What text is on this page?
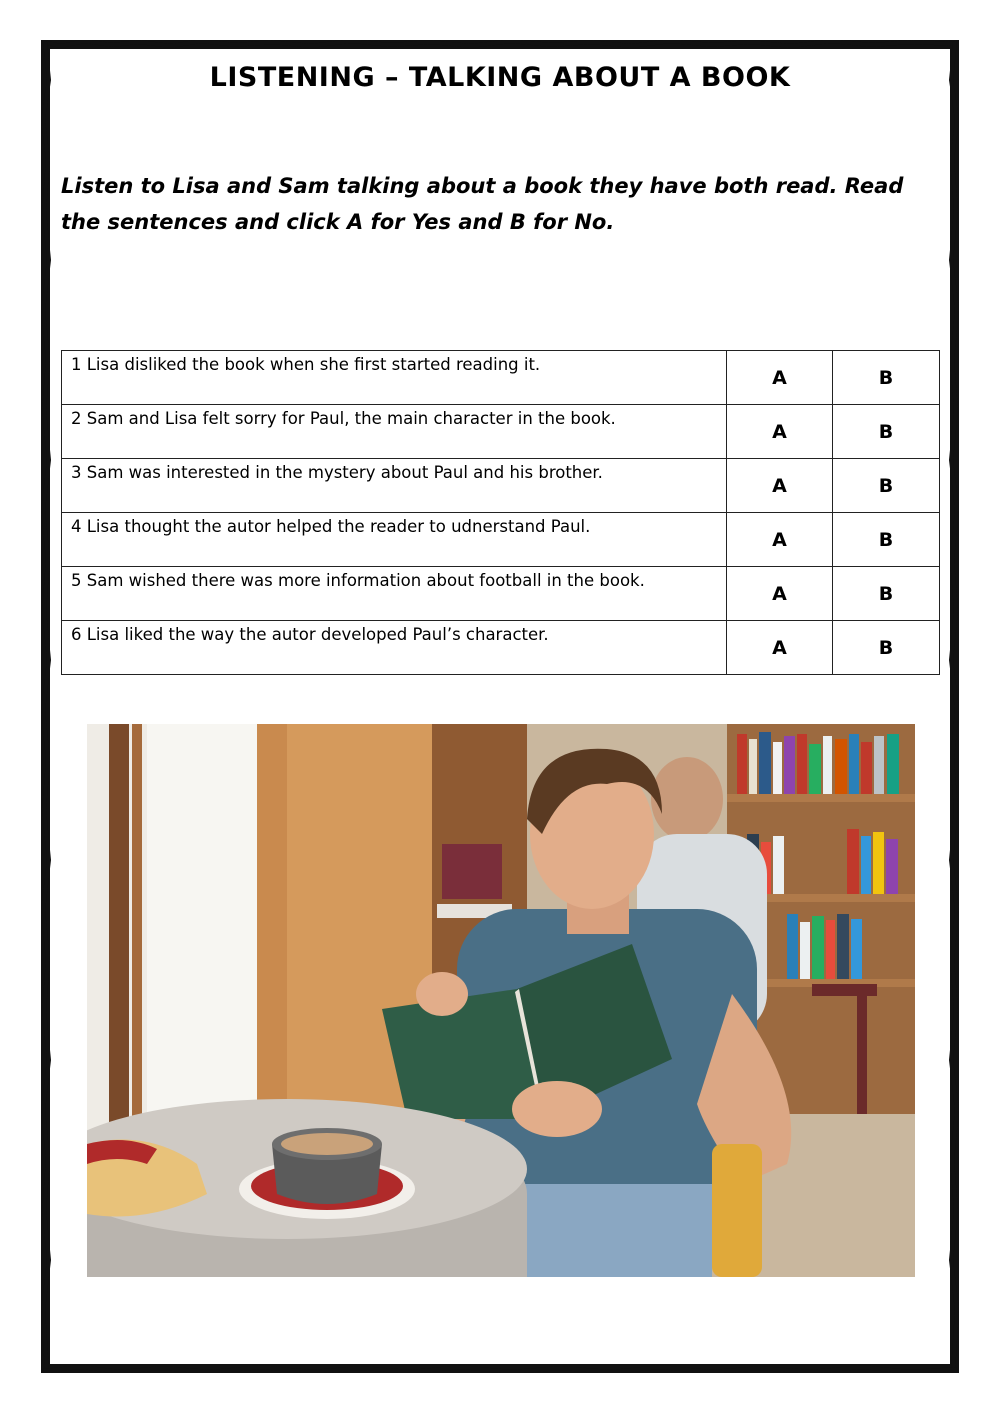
LISTENING – TALKING ABOUT A BOOK
Listen to Lisa and Sam talking about a book they have both read. Read the sentences and click A for Yes and B for No.
1 Lisa disliked the book when she first started reading it.	A	B
2 Sam and Lisa felt sorry for Paul, the main character in the book.	A	B
3 Sam was interested in the mystery about Paul and his brother.	A	B
4 Lisa thought the autor helped the reader to udnerstand Paul.	A	B
5 Sam wished there was more information about football in the book.	A	B
6 Lisa liked the way the autor developed Paul’s character.	A	B
